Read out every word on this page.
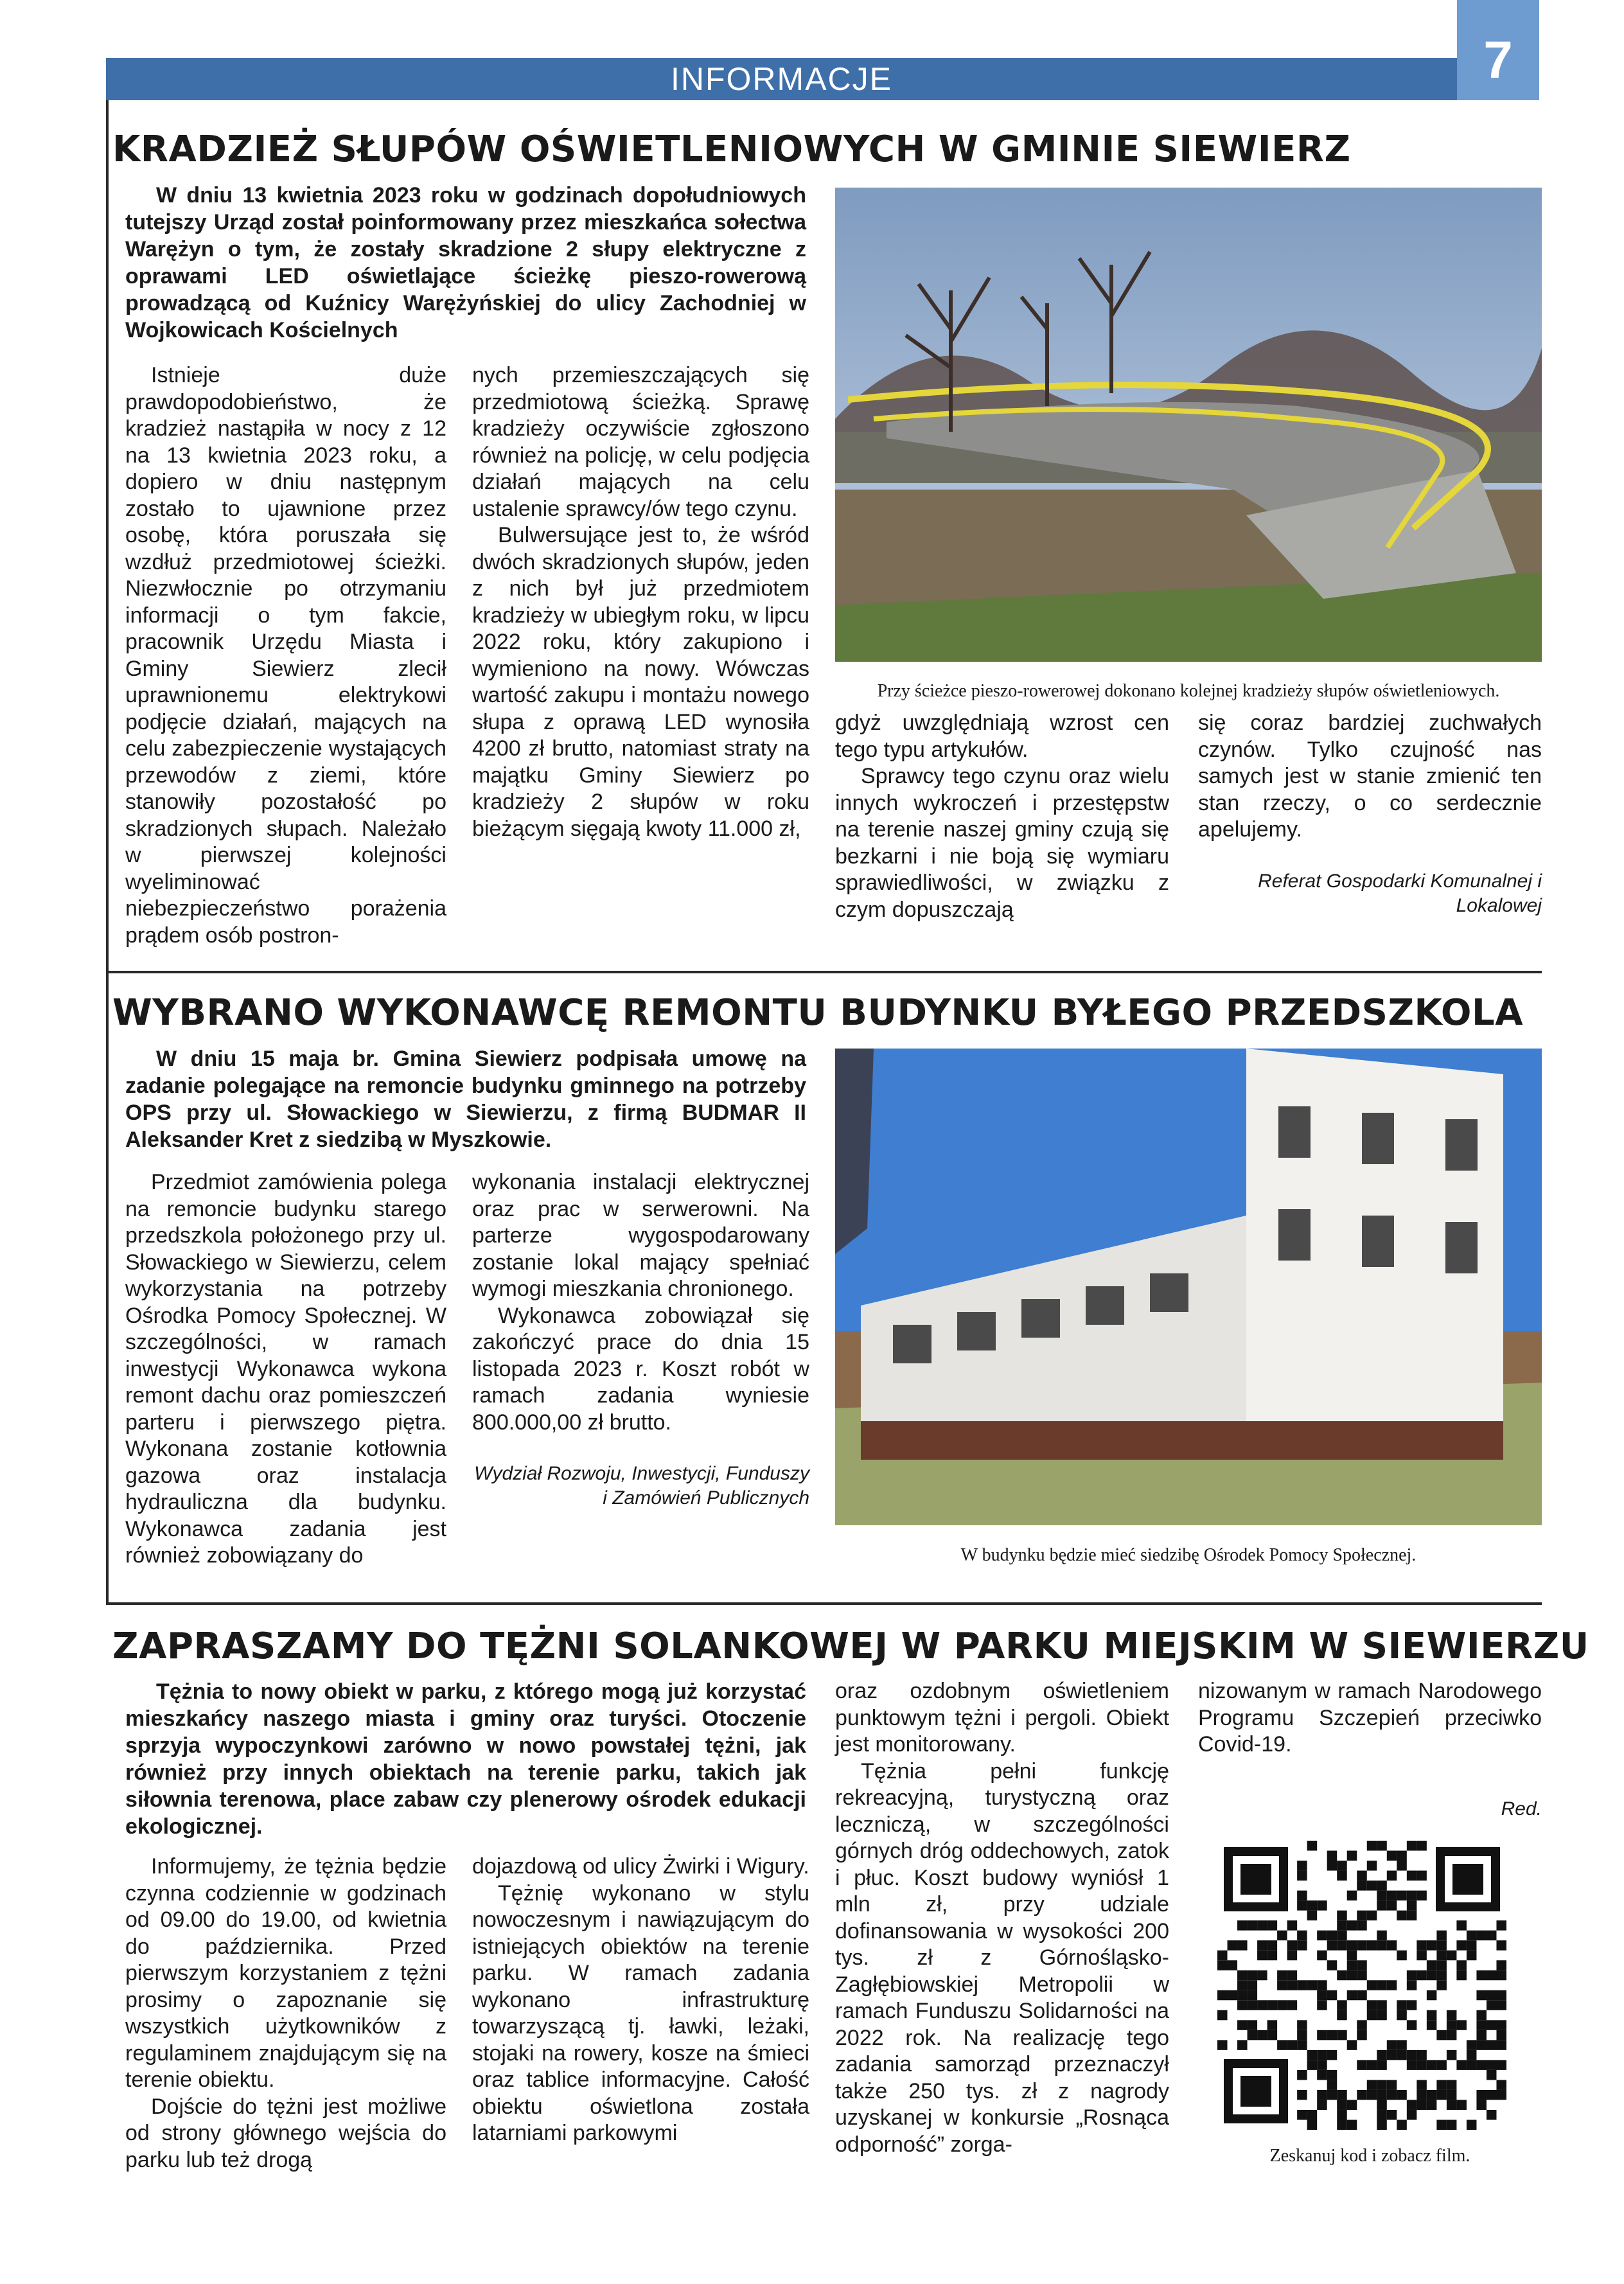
INFORMACJE	7
KRADZIEŻ SŁUPÓW OŚWIETLENIOWYCH W GMINIE SIEWIERZ

W dniu 13 kwietnia 2023 roku w godzinach dopołudniowych tutejszy Urząd został poinformowany przez mieszkańca sołectwa Warężyn o tym, że zostały skradzione 2 słupy elektryczne z oprawami LED oświetlające ścieżkę pieszo-rowerową prowadzącą od Kuźnicy Warężyńskiej do ulicy Zachodniej w Wojkowicach Kościelnych

Przy ścieżce pieszo-rowerowej dokonano kolejnej kradzieży słupów oświetleniowych.

Istnieje duże prawdopodobieństwo, że kradzież nastąpiła w nocy z 12 na 13 kwietnia 2023 roku, a dopiero w dniu następnym zostało to ujawnione przez osobę, która poruszała się wzdłuż przedmiotowej ścieżki. Niezwłocznie po otrzymaniu informacji o tym fakcie, pracownik Urzędu Miasta i Gminy Siewierz zlecił uprawnionemu elektrykowi podjęcie działań, mających na celu zabezpieczenie wystających przewodów z ziemi, które stanowiły pozostałość po skradzionych słupach. Należało w pierwszej kolejności wyeliminować niebezpieczeństwo porażenia prądem osób postron-

nych przemieszczających się przedmiotową ścieżką. Sprawę kradzieży oczywiście zgłoszono również na policję, w celu podjęcia działań mających na celu ustalenie sprawcy/ów tego czynu.

Bulwersujące jest to, że wśród dwóch skradzionych słupów, jeden z nich był już przedmiotem kradzieży w ubiegłym roku, w lipcu 2022 roku, który zakupiono i wymieniono na nowy. Wówczas wartość zakupu i montażu nowego słupa z oprawą LED wynosiła 4200 zł brutto, natomiast straty na majątku Gminy Siewierz po kradzieży 2 słupów w roku bieżącym sięgają kwoty 11.000 zł,

gdyż uwzględniają wzrost cen tego typu artykułów.

Sprawcy tego czynu oraz wielu innych wykroczeń i przestępstw na terenie naszej gminy czują się bezkarni i nie boją się wymiaru sprawiedliwości, w związku z czym dopuszczają

się coraz bardziej zuchwałych czynów. Tylko czujność nas samych jest w stanie zmienić ten stan rzeczy, o co serdecznie apelujemy.

Referat Gospodarki Komunalnej i Lokalowej
WYBRANO WYKONAWCĘ REMONTU BUDYNKU BYŁEGO PRZEDSZKOLA

W dniu 15 maja br. Gmina Siewierz podpisała umowę na zadanie polegające na remoncie budynku gminnego na potrzeby OPS przy ul. Słowackiego w Siewierzu, z firmą BUDMAR II Aleksander Kret z siedzibą w Myszkowie.

W budynku będzie mieć siedzibę Ośrodek Pomocy Społecznej.

Przedmiot zamówienia polega na remoncie budynku starego przedszkola położonego przy ul. Słowackiego w Siewierzu, celem wykorzystania na potrzeby Ośrodka Pomocy Społecznej. W szczególności, w ramach inwestycji Wykonawca wykona remont dachu oraz pomieszczeń parteru i pierwszego piętra. Wykonana zostanie kotłownia gazowa oraz instalacja hydrauliczna dla budynku. Wykonawca zadania jest również zobowiązany do

wykonania instalacji elektrycznej oraz prac w serwerowni. Na parterze wygospodarowany zostanie lokal mający spełniać wymogi mieszkania chronionego.

Wykonawca zobowiązał się zakończyć prace do dnia 15 listopada 2023 r. Koszt robót w ramach zadania wyniesie 800.000,00 zł brutto.

Wydział Rozwoju, Inwestycji, Funduszy i Zamówień Publicznych
ZAPRASZAMY DO TĘŻNI SOLANKOWEJ W PARKU MIEJSKIM W SIEWIERZU

Tężnia to nowy obiekt w parku, z którego mogą już korzystać mieszkańcy naszego miasta i gminy oraz turyści. Otoczenie sprzyja wypoczynkowi zarówno w nowo powstałej tężni, jak również przy innych obiektach na terenie parku, takich jak siłownia terenowa, place zabaw czy plenerowy ośrodek edukacji ekologicznej.

Informujemy, że tężnia będzie czynna codziennie w godzinach od 09.00 do 19.00, od kwietnia do października. Przed pierwszym korzystaniem z tężni prosimy o zapoznanie się wszystkich użytkowników z regulaminem znajdującym się na terenie obiektu.

Dojście do tężni jest możliwe od strony głównego wejścia do parku lub też drogą

dojazdową od ulicy Żwirki i Wigury.

Tężnię wykonano w stylu nowoczesnym i nawiązującym do istniejących obiektów na terenie parku. W ramach zadania wykonano infrastrukturę towarzyszącą tj. ławki, leżaki, stojaki na rowery, kosze na śmieci oraz tablice informacyjne. Całość obiektu oświetlona została latarniami parkowymi

oraz ozdobnym oświetleniem punktowym tężni i pergoli. Obiekt jest monitorowany.

Tężnia pełni funkcję rekreacyjną, turystyczną oraz leczniczą, w szczególności górnych dróg oddechowych, zatok i płuc. Koszt budowy wyniósł 1 mln zł, przy udziale dofinansowania w wysokości 200 tys. zł z Górnośląsko-Zagłębiowskiej Metropolii w ramach Funduszu Solidarności na 2022 rok. Na realizację tego zadania samorząd przeznaczył także 250 tys. zł z nagrody uzyskanej w konkursie „Rosnąca odporność” zorga-

nizowanym w ramach Narodowego Programu Szczepień przeciwko Covid-19.

Red.
Zeskanuj kod i zobacz film.
